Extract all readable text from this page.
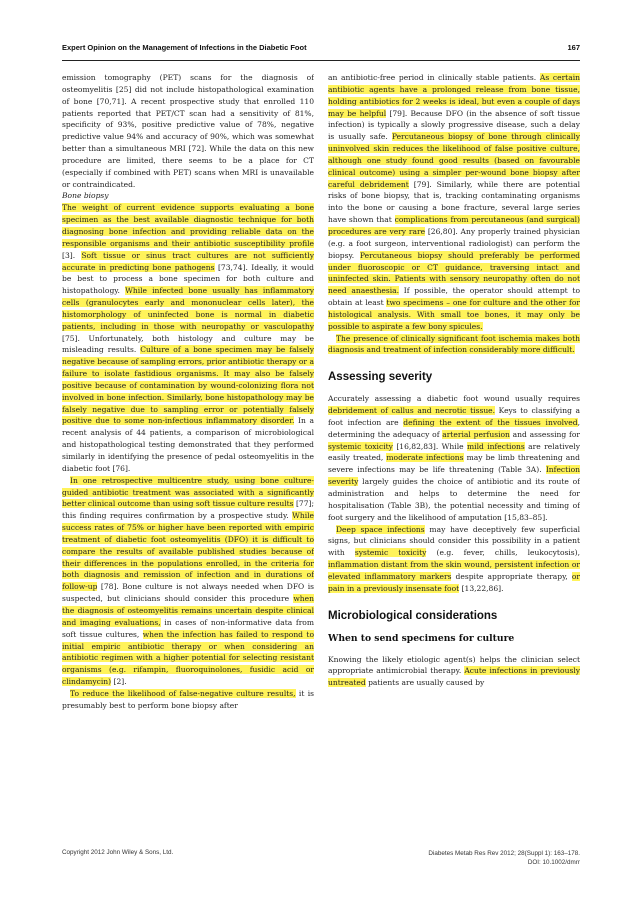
Expert Opinion on the Management of Infections in the Diabetic Foot	167

emission tomography (PET) scans for the diagnosis of osteomyelitis [25] did not include histopathological examination of bone [70,71]. A recent prospective study that enrolled 110 patients reported that PET/CT scan had a sensitivity of 81%, specificity of 93%, positive predictive value of 78%, negative predictive value 94% and accuracy of 90%, which was somewhat better than a simultaneous MRI [72]. While the data on this new procedure are limited, there seems to be a place for CT (especially if combined with PET) scans when MRI is unavailable or contraindicated.

Bone biopsy

The weight of current evidence supports evaluating a bone specimen as the best available diagnostic technique for both diagnosing bone infection and providing reliable data on the responsible organisms and their antibiotic susceptibility profile [3]. Soft tissue or sinus tract cultures are not sufficiently accurate in predicting bone pathogens [73,74]. Ideally, it would be best to process a bone specimen for both culture and histopathology. While infected bone usually has inflammatory cells (granulocytes early and mononuclear cells later), the histomorphology of uninfected bone is normal in diabetic patients, including in those with neuropathy or vasculopathy [75]. Unfortunately, both histology and culture may be misleading results. Culture of a bone specimen may be falsely negative because of sampling errors, prior antibiotic therapy or a failure to isolate fastidious organisms. It may also be falsely positive because of contamination by wound-colonizing flora not involved in bone infection. Similarly, bone histopathology may be falsely negative due to sampling error or potentially falsely positive due to some non-infectious inflammatory disorder. In a recent analysis of 44 patients, a comparison of microbiological and histopathological testing demonstrated that they performed similarly in identifying the presence of pedal osteomyelitis in the diabetic foot [76].

In one retrospective multicentre study, using bone culture-guided antibiotic treatment was associated with a significantly better clinical outcome than using soft tissue culture results [77]; this finding requires confirmation by a prospective study. While success rates of 75% or higher have been reported with empiric treatment of diabetic foot osteomyelitis (DFO) it is difficult to compare the results of available published studies because of their differences in the populations enrolled, in the criteria for both diagnosis and remission of infection and in durations of follow-up [78]. Bone culture is not always needed when DFO is suspected, but clinicians should consider this procedure when the diagnosis of osteomyelitis remains uncertain despite clinical and imaging evaluations, in cases of non-informative data from soft tissue cultures, when the infection has failed to respond to initial empiric antibiotic therapy or when considering an antibiotic regimen with a higher potential for selecting resistant organisms (e.g. rifampin, fluoroquinolones, fusidic acid or clindamycin) [2].

To reduce the likelihood of false-negative culture results, it is presumably best to perform bone biopsy after

an antibiotic-free period in clinically stable patients. As certain antibiotic agents have a prolonged release from bone tissue, holding antibiotics for 2 weeks is ideal, but even a couple of days may be helpful [79]. Because DFO (in the absence of soft tissue infection) is typically a slowly progressive disease, such a delay is usually safe. Percutaneous biopsy of bone through clinically uninvolved skin reduces the likelihood of false positive culture, although one study found good results (based on favourable clinical outcome) using a simpler per-wound bone biopsy after careful debridement [79]. Similarly, while there are potential risks of bone biopsy, that is, tracking contaminating organisms into the bone or causing a bone fracture, several large series have shown that complications from percutaneous (and surgical) procedures are very rare [26,80]. Any properly trained physician (e.g. a foot surgeon, interventional radiologist) can perform the biopsy. Percutaneous biopsy should preferably be performed under fluoroscopic or CT guidance, traversing intact and uninfected skin. Patients with sensory neuropathy often do not need anaesthesia. If possible, the operator should attempt to obtain at least two specimens – one for culture and the other for histological analysis. With small toe bones, it may only be possible to aspirate a few bony spicules.

The presence of clinically significant foot ischemia makes both diagnosis and treatment of infection considerably more difficult.

Assessing severity

Accurately assessing a diabetic foot wound usually requires debridement of callus and necrotic tissue. Keys to classifying a foot infection are defining the extent of the tissues involved, determining the adequacy of arterial perfusion and assessing for systemic toxicity [16,82,83]. While mild infections are relatively easily treated, moderate infections may be limb threatening and severe infections may be life threatening (Table 3A). Infection severity largely guides the choice of antibiotic and its route of administration and helps to determine the need for hospitalisation (Table 3B), the potential necessity and timing of foot surgery and the likelihood of amputation [15,83–85].

Deep space infections may have deceptively few superficial signs, but clinicians should consider this possibility in a patient with systemic toxicity (e.g. fever, chills, leukocytosis), inflammation distant from the skin wound, persistent infection or elevated inflammatory markers despite appropriate therapy, or pain in a previously insensate foot [13,22,86].

Microbiological considerations
When to send specimens for culture

Knowing the likely etiologic agent(s) helps the clinician select appropriate antimicrobial therapy. Acute infections in previously untreated patients are usually caused by

Copyright 2012 John Wiley & Sons, Ltd.	Diabetes Metab Res Rev 2012; 28(Suppl 1): 163–178.
DOI: 10.1002/dmrr
